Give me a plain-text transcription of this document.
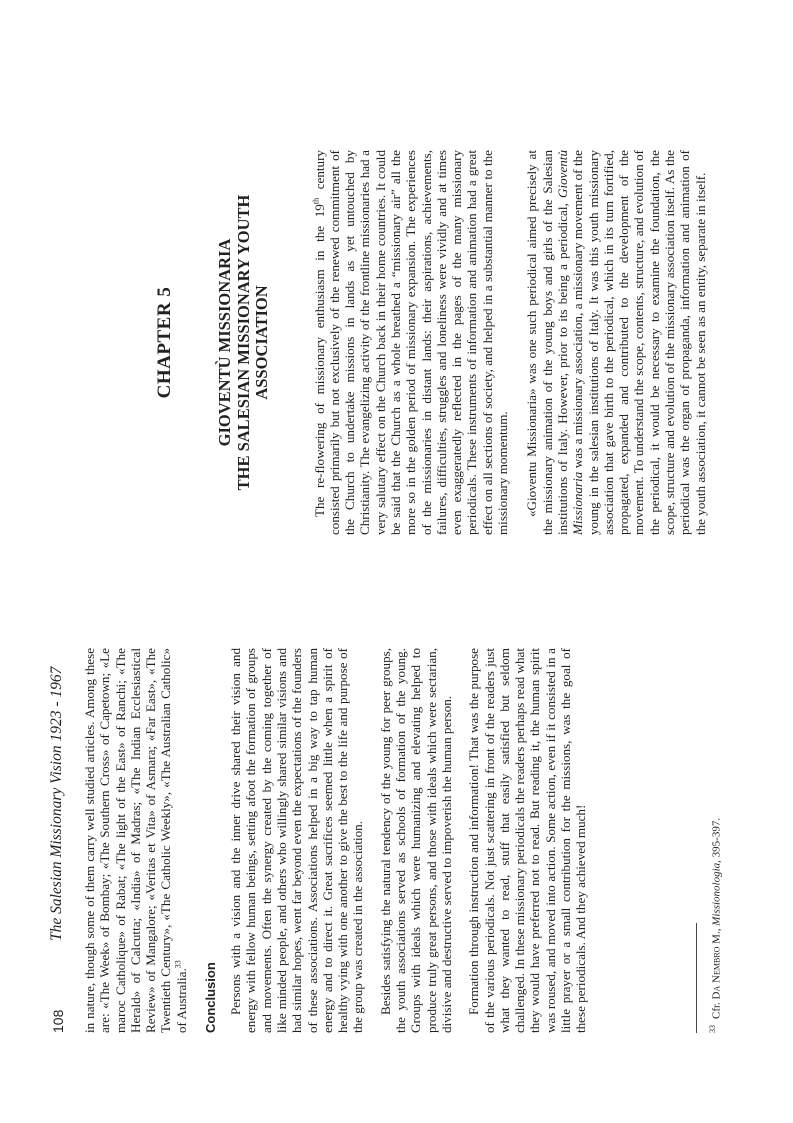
108
The Salesian Missionary Vision 1923 - 1967 in nature, though some of them carry well studied articles. Among these are: «The Week» of Bombay; «The Southern Cross» of Capetown; «Le maroc Catholique» of Rabat; «The light of the East» of Ranchi; «The Herald» of Calcutta; «India» of Madras; «The Indian Ecclesiastical Review» of Mangalore; «Veritas et Vita» of Asmara; «Far East», «The Twentieth Century», «The Catholic Weekly», «The Australian Catholic» of Australia.$^{33}$	Conclusion Persons with a vision and the inner drive shared their vision and energy with fellow human beings, setting afoot the formation of groups and movements. Often the synergy created by the coming together of like minded people, and others who willingly shared similar visions and had similar hopes, went far beyond even the expectations of the founders of these associations. Associations helped in a big way to tap human energy and to direct it. Great sacrifices seemed little when a spirit of healthy vying with one another to give the best to the life and purpose of the group was created in the association. Besides satisfying the natural tendency of the young for peer groups, the youth associations served as schools of formation of the young. Groups with ideals which were humanizing and elevating helped to produce truly great persons, and those with ideals which were sectarian, divisive and destructive served to impoverish the human person. Formation through instruction and information! That was the purpose of the various periodicals. Not just scattering in front of the readers just what they wanted to read, stuff that easily satisfied but seldom challenged. In these missionary periodicals the readers perhaps read what they would have preferred not to read. But reading it, the human spirit was roused, and moved into action. Some action, even if it consisted in a little prayer or a small contribution for the missions, was the goal of these periodicals. And they achieved much!	$^{33}$Cfr. Da Nembro M., Missionologia, 395-397.
CHAPTER 5 GIOVENTÙ MISSIONARIA THE SALESIAN MISSIONARY YOUTH ASSOCIATION	The re-flowering of missionary enthusiasm in the 19th century consisted primarily but not exclusively of the renewed commitment of the Church to undertake missions in lands as yet untouched by Christianity. The evangelizing activity of the frontline missionaries had a very salutary effect on the Church back in their home countries. It could be said that the Church as a whole breathed a “missionary air” all the more so in the golden period of missionary expansion. The experiences of the missionaries in distant lands: their aspirations, achievements, failures, difficulties, struggles and loneliness were vividly and at times even exaggeratedly reflected in the pages of the many missionary periodicals. These instruments of information and animation had a great effect on all sections of society, and helped in a substantial manner to the missionary momentum. «Gioventu Missionaria» was one such periodical aimed precisely at the missionary animation of the young boys and girls of the Salesian institutions of Italy. However, prior to its being a periodical, Gioventù Missionaria was a missionary association, a missionary movement of the young in the salesian institutions of Italy. It was this youth missionary association that gave birth to the periodical, which in its turn fortified, propagated, expanded and contributed to the development of the movement. To understand the scope, contents, structure, and evolution of the periodical, it would be necessary to examine the foundation, the scope, structure and evolution of the missionary association itself. As the periodical was the organ of propaganda, information and animation of the youth association, it cannot be seen as an entity, separate in itself.
